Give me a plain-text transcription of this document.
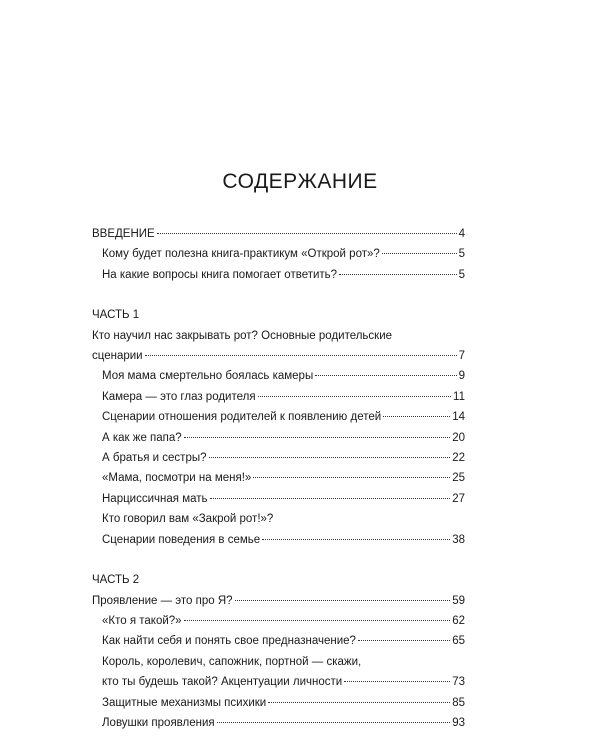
СОДЕРЖАНИЕ
ВВЕДЕНИЕ	4
Кому будет полезна книга-практикум «Открой рот»?	5
На какие вопросы книга помогает ответить?	5
ЧАСТЬ 1
Кто научил нас закрывать рот? Основные родительские
сценарии	7
Моя мама смертельно боялась камеры	9
Камера — это глаз родителя	11
Сценарии отношения родителей к появлению детей	14
А как же папа?	20
А братья и сестры?	22
«Мама, посмотри на меня!»	25
Нарциссичная мать	27
Кто говорил вам «Закрой рот!»?
Сценарии поведения в семье	38
ЧАСТЬ 2
Проявление — это про Я?	59
«Кто я такой?»	62
Как найти себя и понять свое предназначение?	65
Король, королевич, сапожник, портной — скажи,
кто ты будешь такой? Акцентуации личности	73
Защитные механизмы психики	85
Ловушки проявления	93
